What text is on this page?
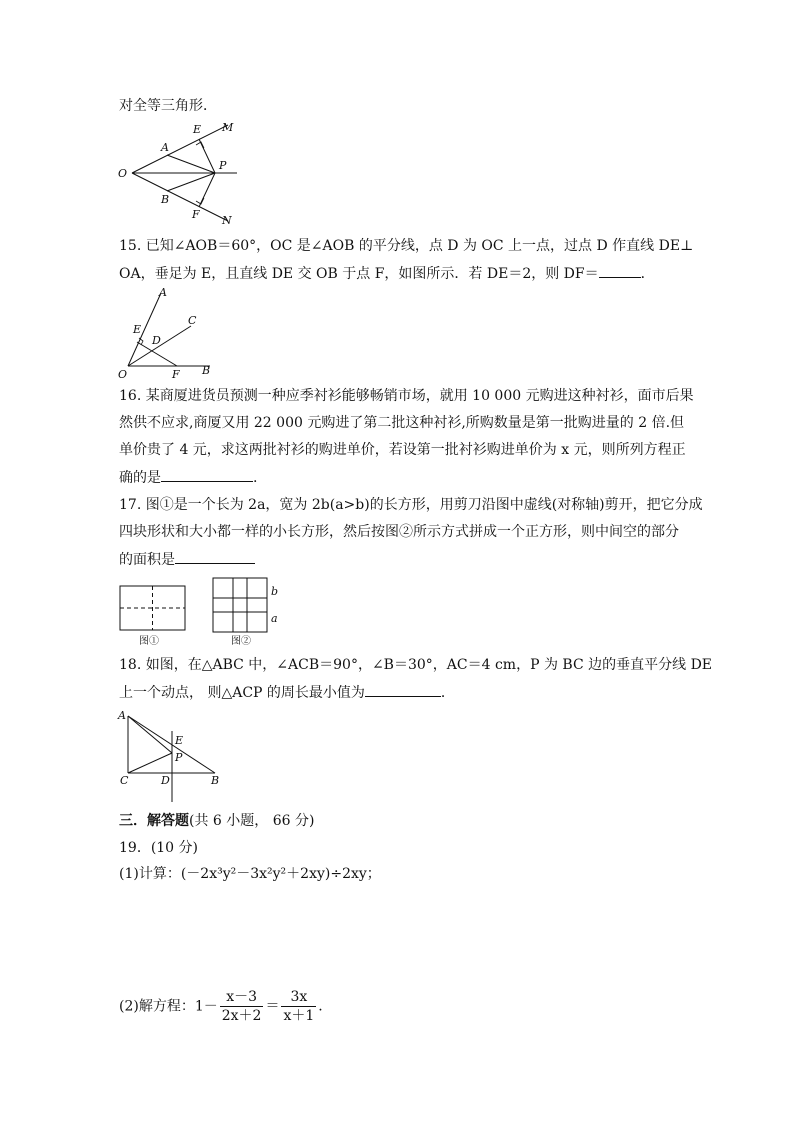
对全等三角形．
O
A
B
E
F
M
N
P
15. 已知∠AOB＝60°，OC 是∠AOB 的平分线，点 D 为 OC 上一点，过点 D 作直线 DE⊥
OA，垂足为 E，且直线 DE 交 OB 于点 F，如图所示．若 DE＝2，则 DF＝	．
A
C
E
D
O	F B
16. 某商厦进货员预测一种应季衬衫能够畅销市场，就用 10 000 元购进这种衬衫，面市后果
然供不应求,商厦又用 22 000 元购进了第二批这种衬衫,所购数量是第一批购进量的 2 倍.但
单价贵了 4 元，求这两批衬衫的购进单价，若设第一批衬衫购进单价为 x 元，则所列方程正
确的是	.
17. 图①是一个长为 2a，宽为 2b(a>b)的长方形，用剪刀沿图中虚线(对称轴)剪开，把它分成
四块形状和大小都一样的小长方形，然后按图②所示方式拼成一个正方形，则中间空的部分
的面积是
图①
b
a
图②
18. 如图，在△ABC 中，∠ACB＝90°，∠B＝30°，AC＝4 cm，P 为 BC 边的垂直平分线 DE
上一个动点， 则△ACP 的周长最小值为	．
A
E
P
C	D	B
三．解答题(共 6 小题， 66 分)
19．(10 分)
(1)计算：(－2x³y²－3x²y²＋2xy)÷2xy；
(2)解方程：$1- \frac{x-3}{2x+2} = \frac{3x}{x+1}$ .
